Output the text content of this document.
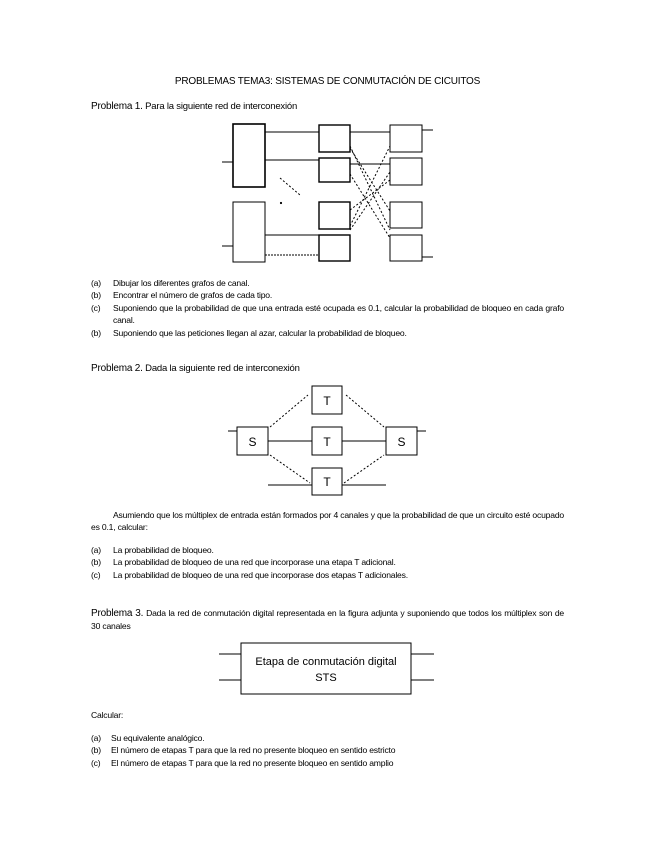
PROBLEMAS TEMA3: SISTEMAS DE CONMUTACIÓN DE CICUITOS
Problema 1. Para la siguiente red de interconexión
(a) Dibujar los diferentes grafos de canal.
(b) Encontrar el número de grafos de cada tipo.
(c) Suponiendo que la probabilidad de que una entrada esté ocupada es 0.1, calcular la probabilidad de bloqueo en cada grafo canal.
(b) Suponiendo que las peticiones llegan al azar, calcular la probabilidad de bloqueo.
Problema 2. Dada la siguiente red de interconexión
S
T
T
T
S
Asumiendo que los múltiplex de entrada están formados por 4 canales y que la probabilidad de que un circuito esté ocupado es 0.1, calcular:
(a) La probabilidad de bloqueo.
(b) La probabilidad de bloqueo de una red que incorporase una etapa T adicional.
(c) La probabilidad de bloqueo de una red que incorporase dos etapas T adicionales.
Problema 3. Dada la red de conmutación digital representada en la figura adjunta y suponiendo que todos los múltiplex son de 30 canales
Etapa de conmutación digital
STS
Calcular:
(a) Su equivalente analógico.
(b) El número de etapas T para que la red no presente bloqueo en sentido estricto
(c) El número de etapas T para que la red no presente bloqueo en sentido amplio
